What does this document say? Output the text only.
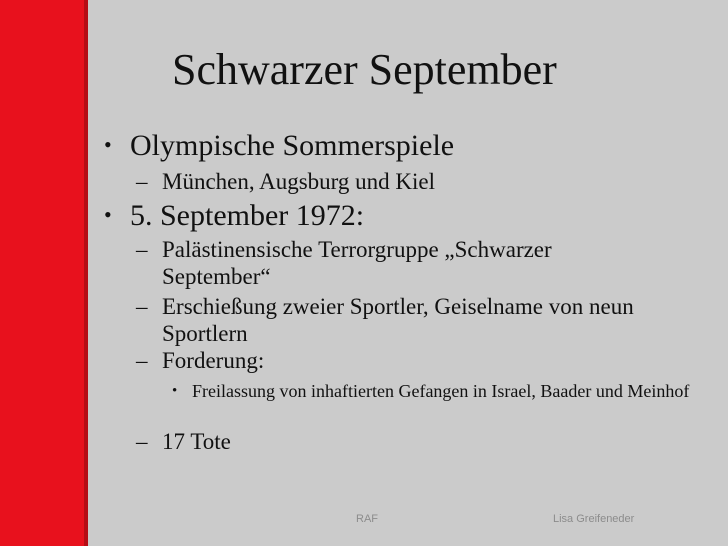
Schwarzer September
• Olympische Sommerspiele
– München, Augsburg und Kiel
• 5. September 1972:
– Palästinensische Terrorgruppe „Schwarzer September“
– Erschießung zweier Sportler, Geiselname von neun Sportlern
– Forderung:
• Freilassung von inhaftierten Gefangen in Israel, Baader und Meinhof
– 17 Tote
RAF	Lisa Greifeneder
